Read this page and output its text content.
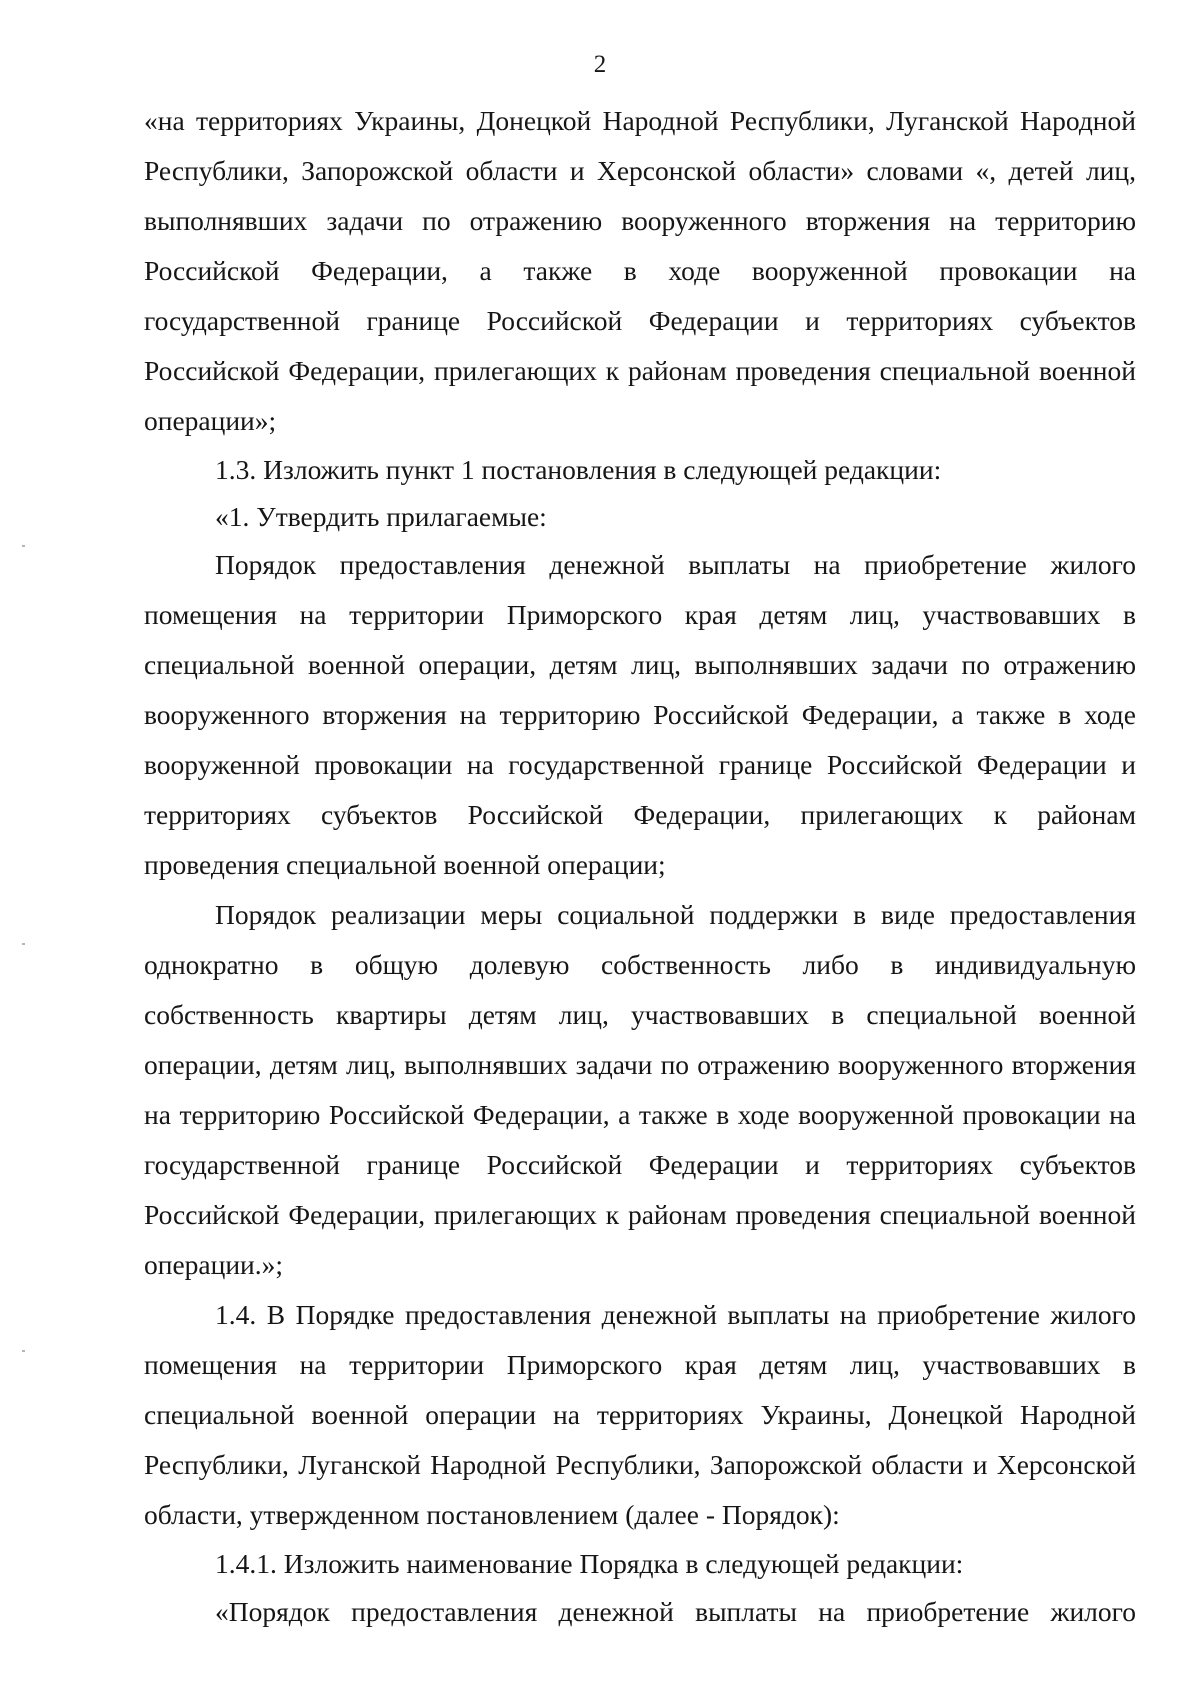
2

«на территориях Украины, Донецкой Народной Республики, Луганской Народной Республики, Запорожской области и Херсонской области» словами «, детей лиц, выполнявших задачи по отражению вооруженного вторжения на территорию Российской Федерации, а также в ходе вооруженной провокации на государственной границе Российской Федерации и территориях субъектов Российской Федерации, прилегающих к районам проведения специальной военной операции»;

1.3. Изложить пункт 1 постановления в следующей редакции:

«1. Утвердить прилагаемые:

Порядок предоставления денежной выплаты на приобретение жилого помещения на территории Приморского края детям лиц, участвовавших в специальной военной операции, детям лиц, выполнявших задачи по отражению вооруженного вторжения на территорию Российской Федерации, а также в ходе вооруженной провокации на государственной границе Российской Федерации и территориях субъектов Российской Федерации, прилегающих к районам проведения специальной военной операции;

Порядок реализации меры социальной поддержки в виде предоставления однократно в общую долевую собственность либо в индивидуальную собственность квартиры детям лиц, участвовавших в специальной военной операции, детям лиц, выполнявших задачи по отражению вооруженного вторжения на территорию Российской Федерации, а также в ходе вооруженной провокации на государственной границе Российской Федерации и территориях субъектов Российской Федерации, прилегающих к районам проведения специальной военной операции.»;

1.4. В Порядке предоставления денежной выплаты на приобретение жилого помещения на территории Приморского края детям лиц, участвовавших в специальной военной операции на территориях Украины, Донецкой Народной Республики, Луганской Народной Республики, Запорожской области и Херсонской области, утвержденном постановлением (далее - Порядок):

1.4.1. Изложить наименование Порядка в следующей редакции:

«Порядок предоставления денежной выплаты на приобретение жилого
